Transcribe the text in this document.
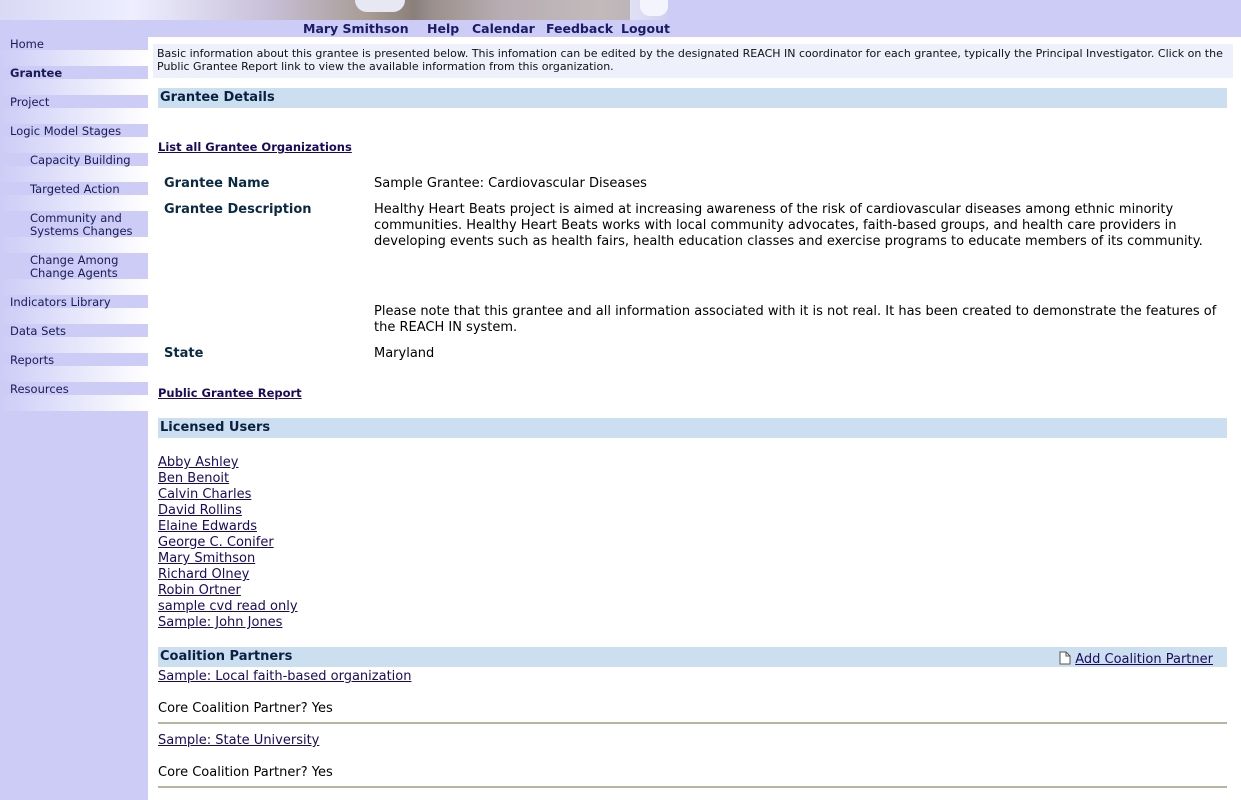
Mary Smithson Help Calendar Feedback Logout
Home
Grantee
Project
Logic Model Stages
Capacity Building
Targeted Action
Community and Systems Changes
Change Among Change Agents
Indicators Library
Data Sets
Reports
Resources
Basic information about this grantee is presented below. This infomation can be edited by the designated REACH IN coordinator for each grantee, typically the Principal Investigator. Click on the Public Grantee Report link to view the available information from this organization.
Grantee Details
List all Grantee Organizations
Grantee Name	Sample Grantee: Cardiovascular Diseases
Grantee Description	Healthy Heart Beats project is aimed at increasing awareness of the risk of cardiovascular diseases among ethnic minority communities. Healthy Heart Beats works with local community advocates, faith-based groups, and health care providers in developing events such as health fairs, health education classes and exercise programs to educate members of its community.
Please note that this grantee and all information associated with it is not real. It has been created to demonstrate the features of the REACH IN system.
State	Maryland
Public Grantee Report
Licensed Users
Abby Ashley
Ben Benoit
Calvin Charles
David Rollins
Elaine Edwards
George C. Conifer
Mary Smithson
Richard Olney
Robin Ortner
sample cvd read only
Sample: John Jones
Coalition Partners	Add Coalition Partner
Sample: Local faith-based organization
Core Coalition Partner? Yes
Sample: State University
Core Coalition Partner? Yes
